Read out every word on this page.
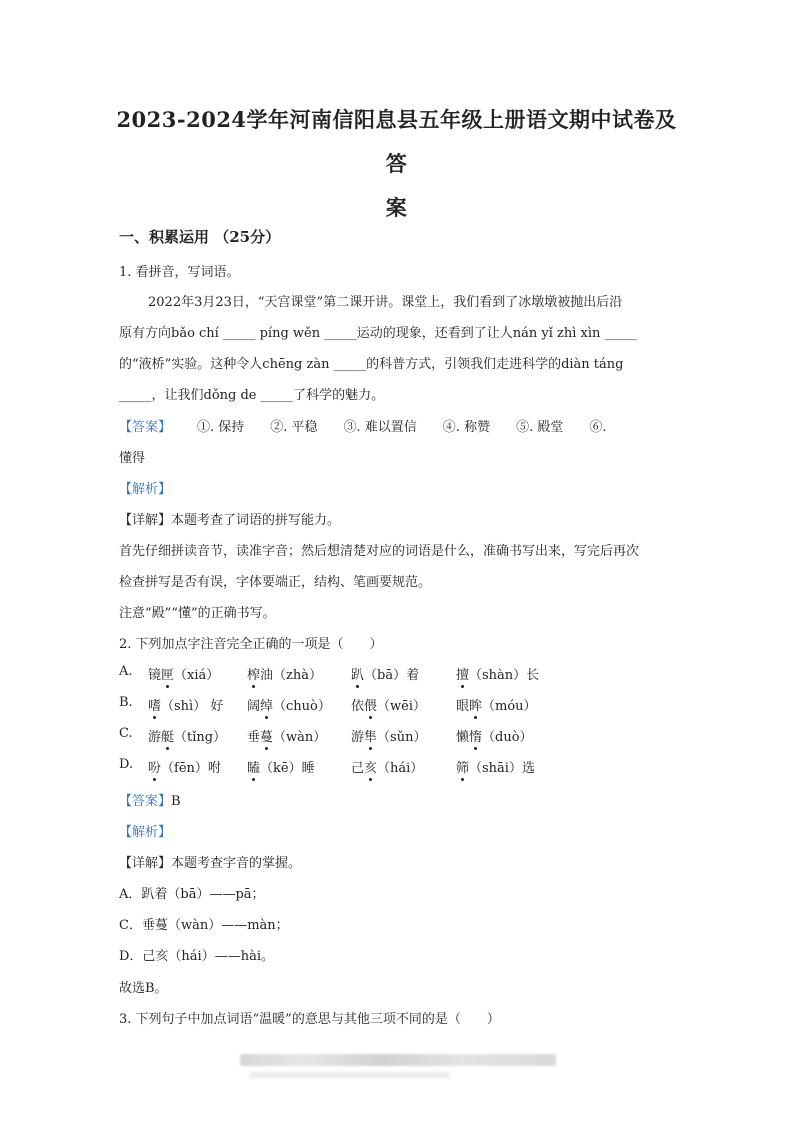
2023-2024学年河南信阳息县五年级上册语文期中试卷及答
案
一、积累运用 （25分）
1. 看拼音，写词语。
2022年3月23日，“天宫课堂”第二课开讲。课堂上，我们看到了冰墩墩被抛出后沿
原有方向bǎo chí _____ píng wěn _____运动的现象，还看到了让人nán yǐ zhì xìn _____
的“液桥”实验。这种令人chēng zàn _____的科普方式，引领我们走进科学的diàn táng
_____，让我们dǒng de _____了科学的魅力。
【答案】 ①. 保持　　②. 平稳　　③. 难以置信　　④. 称赞　　⑤. 殿堂　　⑥.
懂得
【解析】
【详解】本题考查了词语的拼写能力。
首先仔细拼读音节，读准字音；然后想清楚对应的词语是什么，准确书写出来，写完后再次
检查拼写是否有误，字体要端正，结构、笔画要规范。
注意“殿”“懂”的正确书写。
2. 下列加点字注音完全正确的一项是（　　）
A. 镜匣（xiá） 榨油（zhà） 趴（bā）着	擅（shàn）长
B. 嗜（shì） 好 阔绰（chuò） 依偎（wēi） 眼眸（móu）
C. 游艇（tǐng） 垂蔓（wàn） 游隼（sǔn） 懒惰（duò）
D. 吩（fēn）咐 瞌（kē）睡	己亥（hái）	筛（shāi）选
【答案】B
【解析】
【详解】本题考查字音的掌握。
A．趴着（bā）——pā；
C．垂蔓（wàn）——màn；
D．己亥（hái）——hài。
故选B。
3. 下列句子中加点词语“温暖”的意思与其他三项不同的是（　　）
